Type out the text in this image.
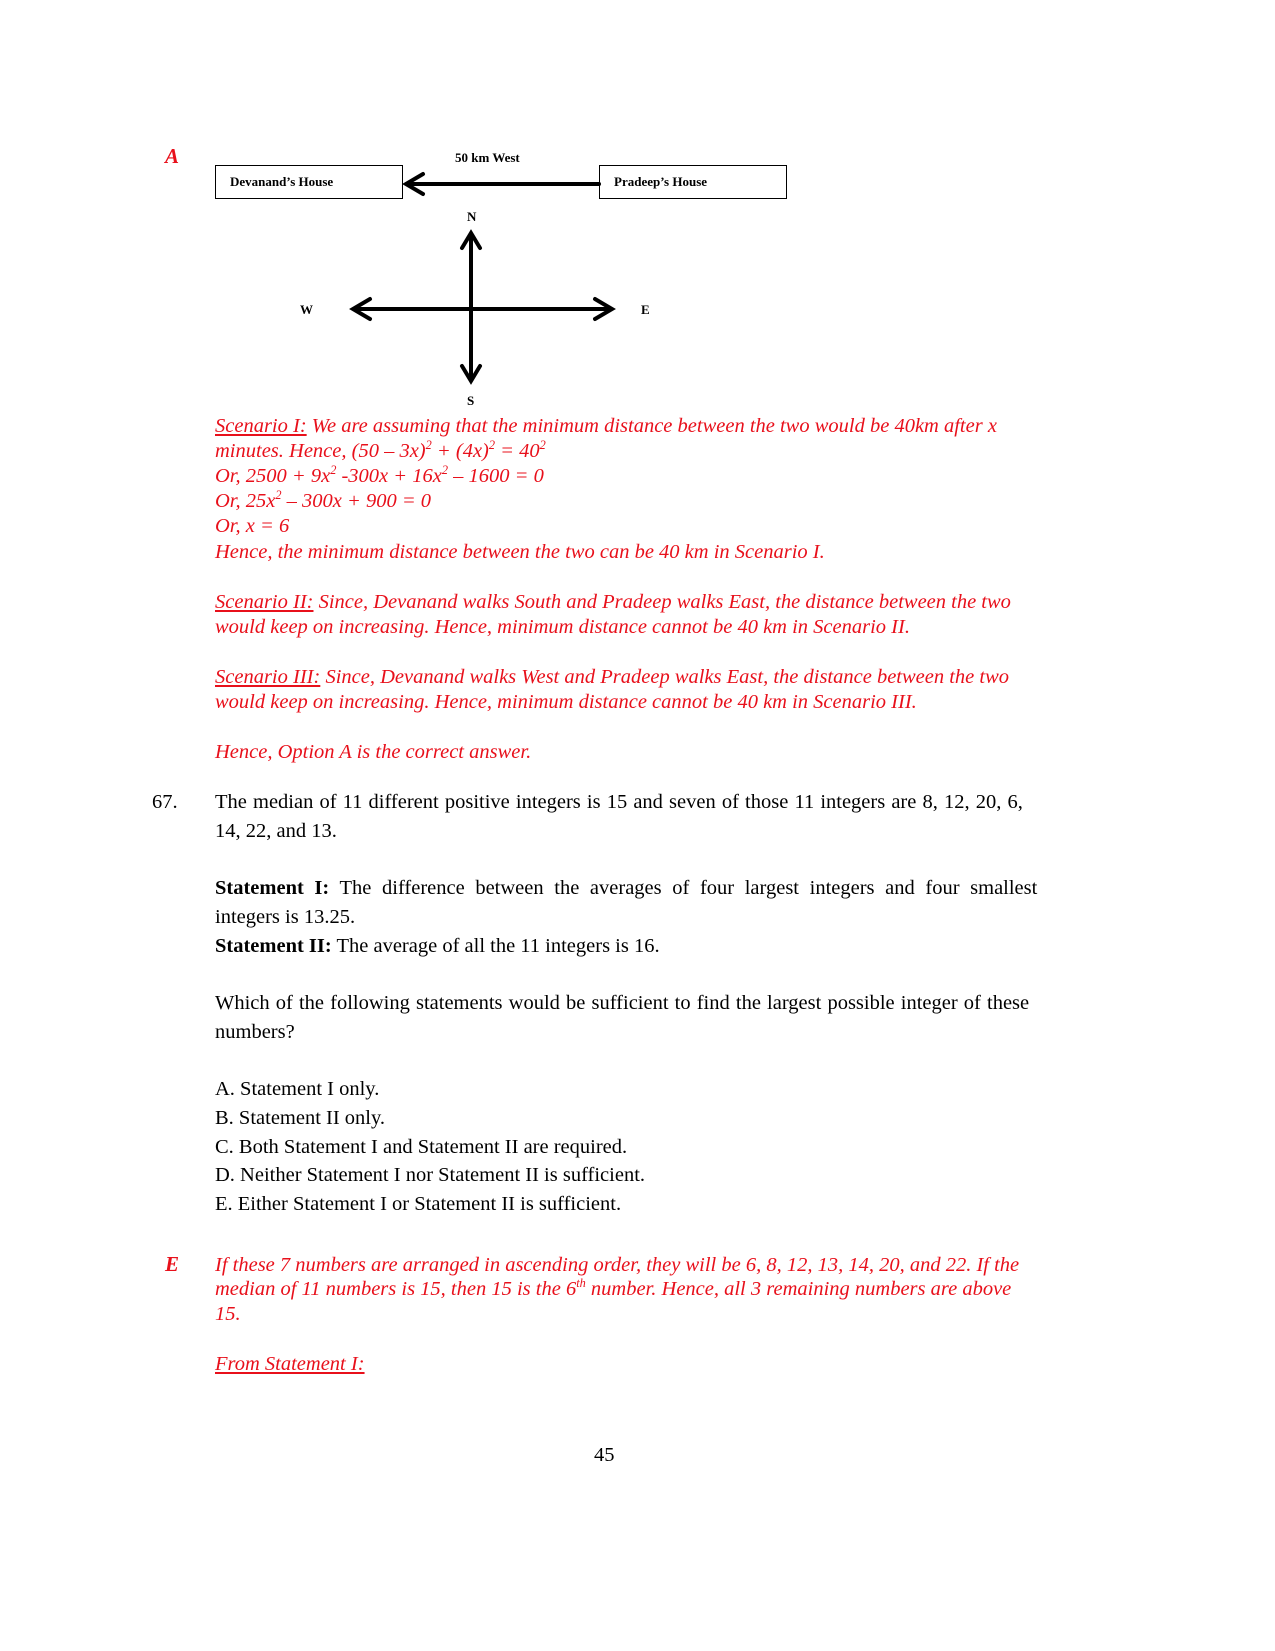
A	50 km West
Devanand’s House	Pradeep’s House
N
W	E
S
Scenario I: We are assuming that the minimum distance between the two would be 40km after x
minutes. Hence, $(50 - 3x)^2 + (4x)^2 = 40^2$
Or, $2500 + 9x^2$ $-300x + 16x^2 - 1600 = 0$
Or, $25x^2 - 300x + 900 = 0$
Or, x = 6
Hence, the minimum distance between the two can be 40 km in Scenario I.
Scenario II: Since, Devanand walks South and Pradeep walks East, the distance between the two
would keep on increasing. Hence, minimum distance cannot be 40 km in Scenario II.
Scenario III: Since, Devanand walks West and Pradeep walks East, the distance between the two
would keep on increasing. Hence, minimum distance cannot be 40 km in Scenario III.
Hence, Option A is the correct answer.
67. The median of 11 different positive integers is 15 and seven of those 11 integers are 8, 12, 20, 6,
14, 22, and 13.
Statement I: The difference between the averages of four largest integers and four smallest
integers is 13.25.
Statement II: The average of all the 11 integers is 16.
Which of the following statements would be sufficient to find the largest possible integer of these
numbers?
A. Statement I only.
B. Statement II only.
C. Both Statement I and Statement II are required.
D. Neither Statement I nor Statement II is sufficient.
E. Either Statement I or Statement II is sufficient.
E If these 7 numbers are arranged in ascending order, they will be 6, 8, 12, 13, 14, 20, and 22. If the
median of 11 numbers is 15, then 15 is the 6th number. Hence, all 3 remaining numbers are above
15.
From Statement I:
45
